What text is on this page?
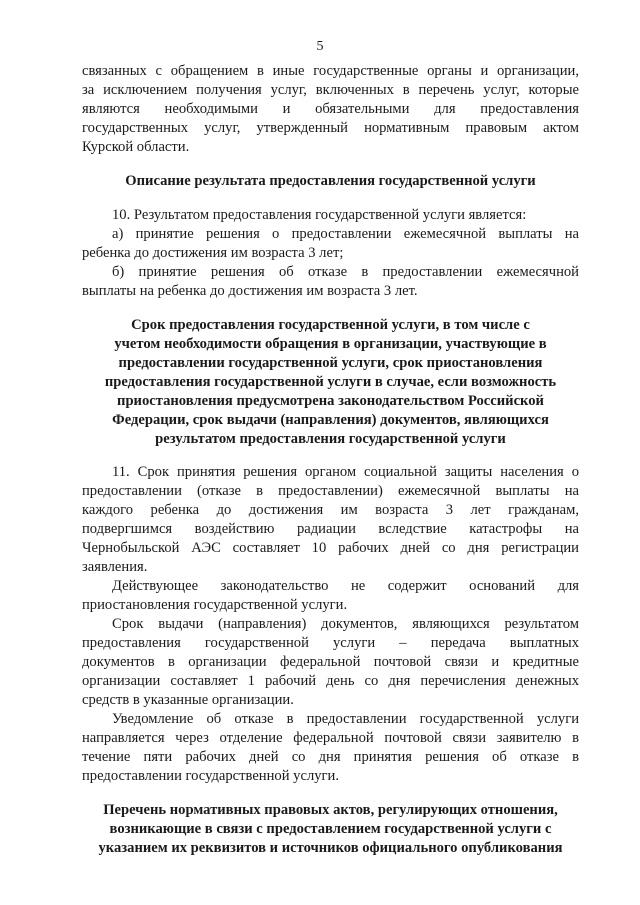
5
связанных с обращением в иные государственные органы и организации,
за исключением получения услуг, включенных в перечень услуг, которые
являются необходимыми и обязательными для предоставления
государственных услуг, утвержденный нормативным правовым актом
Курской области.
Описание результата предоставления государственной услуги
10. Результатом предоставления государственной услуги является:
а) принятие решения о предоставлении ежемесячной выплаты на
ребенка до достижения им возраста 3 лет;
б) принятие решения об отказе в предоставлении ежемесячной
выплаты на ребенка до достижения им возраста 3 лет.
Срок предоставления государственной услуги, в том числе с
учетом необходимости обращения в организации, участвующие в
предоставлении государственной услуги, срок приостановления
предоставления государственной услуги в случае, если возможность
приостановления предусмотрена законодательством Российской
Федерации, срок выдачи (направления) документов, являющихся
результатом предоставления государственной услуги
11. Срок принятия решения органом социальной защиты населения о
предоставлении (отказе в предоставлении) ежемесячной выплаты на
каждого ребенка до достижения им возраста 3 лет гражданам,
подвергшимся воздействию радиации вследствие катастрофы на
Чернобыльской АЭС составляет 10 рабочих дней со дня регистрации
заявления.
Действующее законодательство не содержит оснований для
приостановления государственной услуги.
Срок выдачи (направления) документов, являющихся результатом
предоставления государственной услуги – передача выплатных
документов в организации федеральной почтовой связи и кредитные
организации составляет 1 рабочий день со дня перечисления денежных
средств в указанные организации.
Уведомление об отказе в предоставлении государственной услуги
направляется через отделение федеральной почтовой связи заявителю в
течение пяти рабочих дней со дня принятия решения об отказе в
предоставлении государственной услуги.
Перечень нормативных правовых актов, регулирующих отношения,
возникающие в связи с предоставлением государственной услуги с
указанием их реквизитов и источников официального опубликования
